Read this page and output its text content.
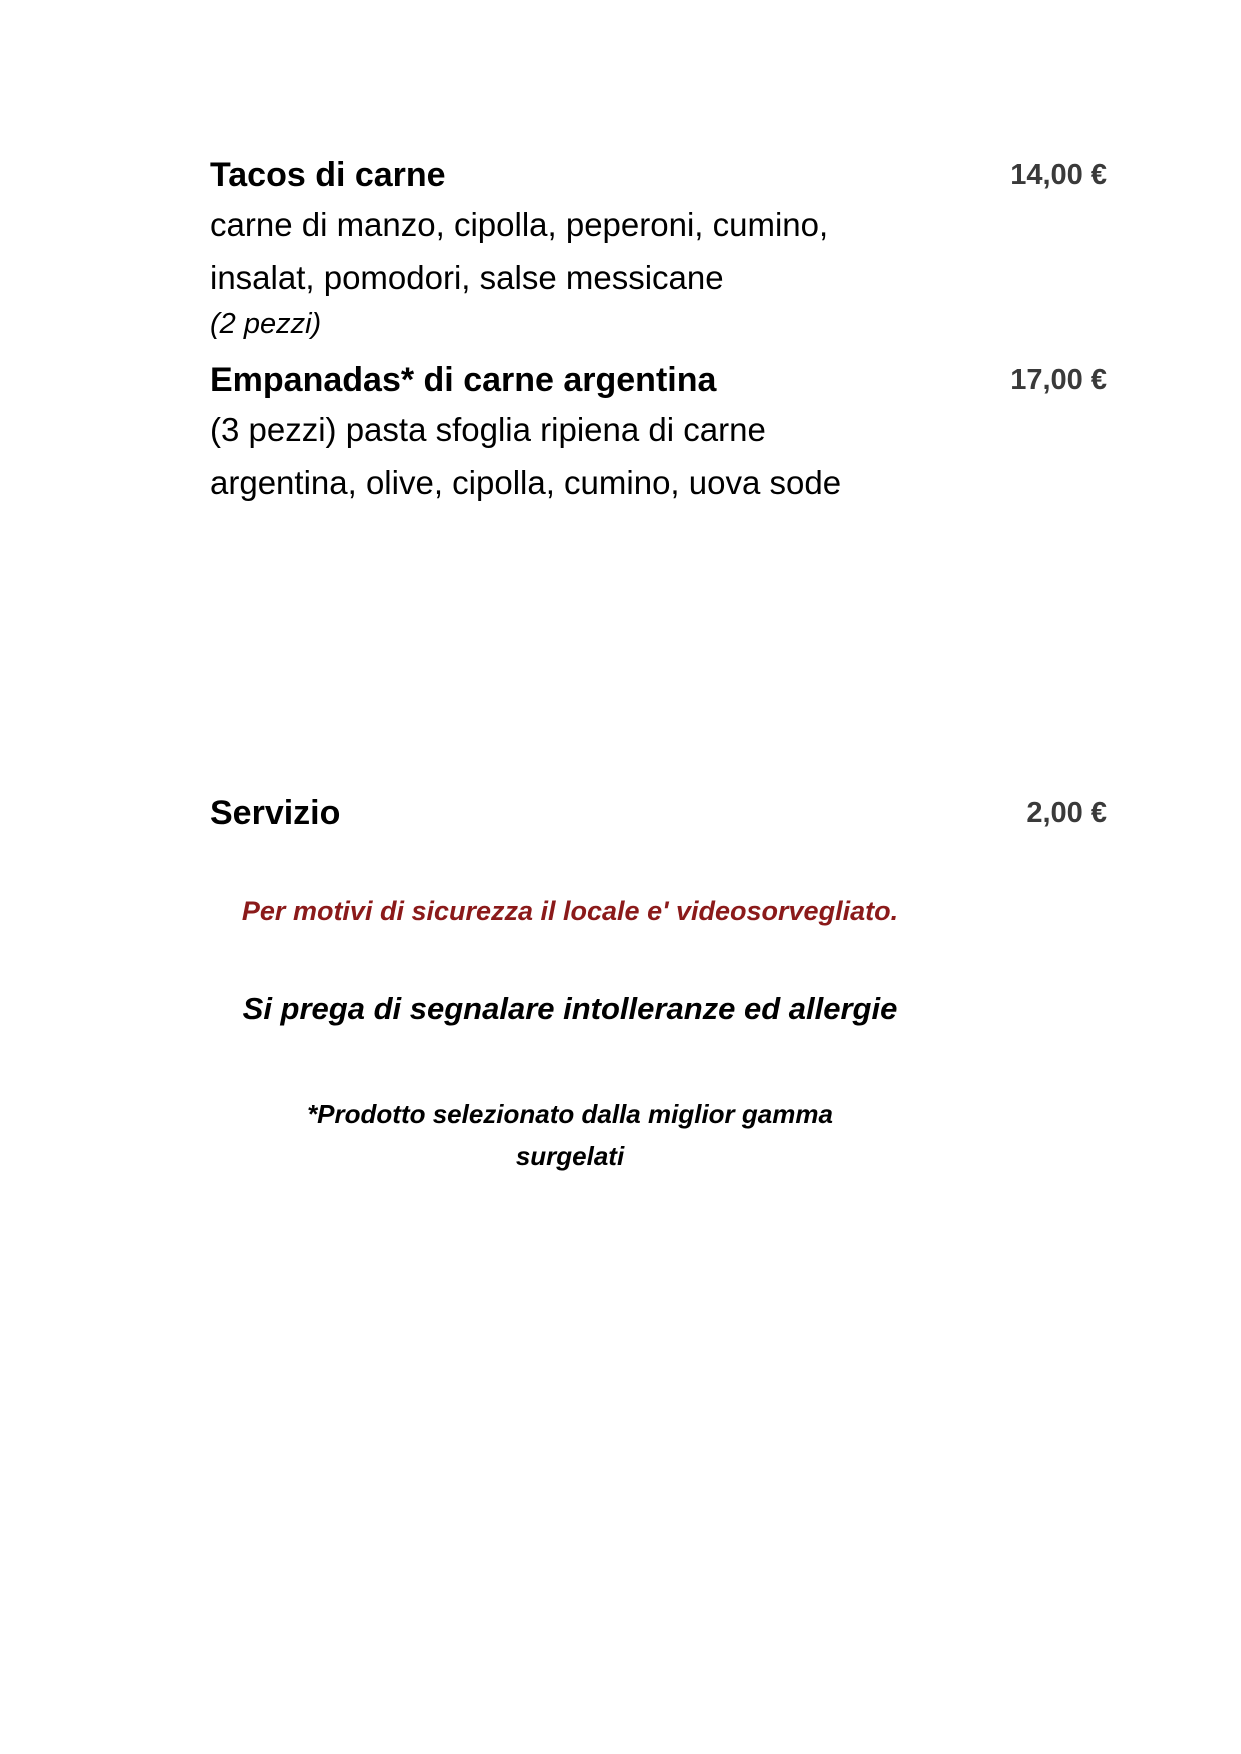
Tacos di carne
carne di manzo, cipolla, peperoni, cumino, insalat, pomodori, salse messicane
(2 pezzi)
14,00 €
Empanadas* di carne argentina
(3 pezzi) pasta sfoglia ripiena di carne argentina, olive, cipolla, cumino, uova sode
17,00 €
Servizio	2,00 €
Per motivi di sicurezza il locale e' videosorvegliato.
Si prega di segnalare intolleranze ed allergie
*Prodotto selezionato dalla miglior gamma
surgelati
